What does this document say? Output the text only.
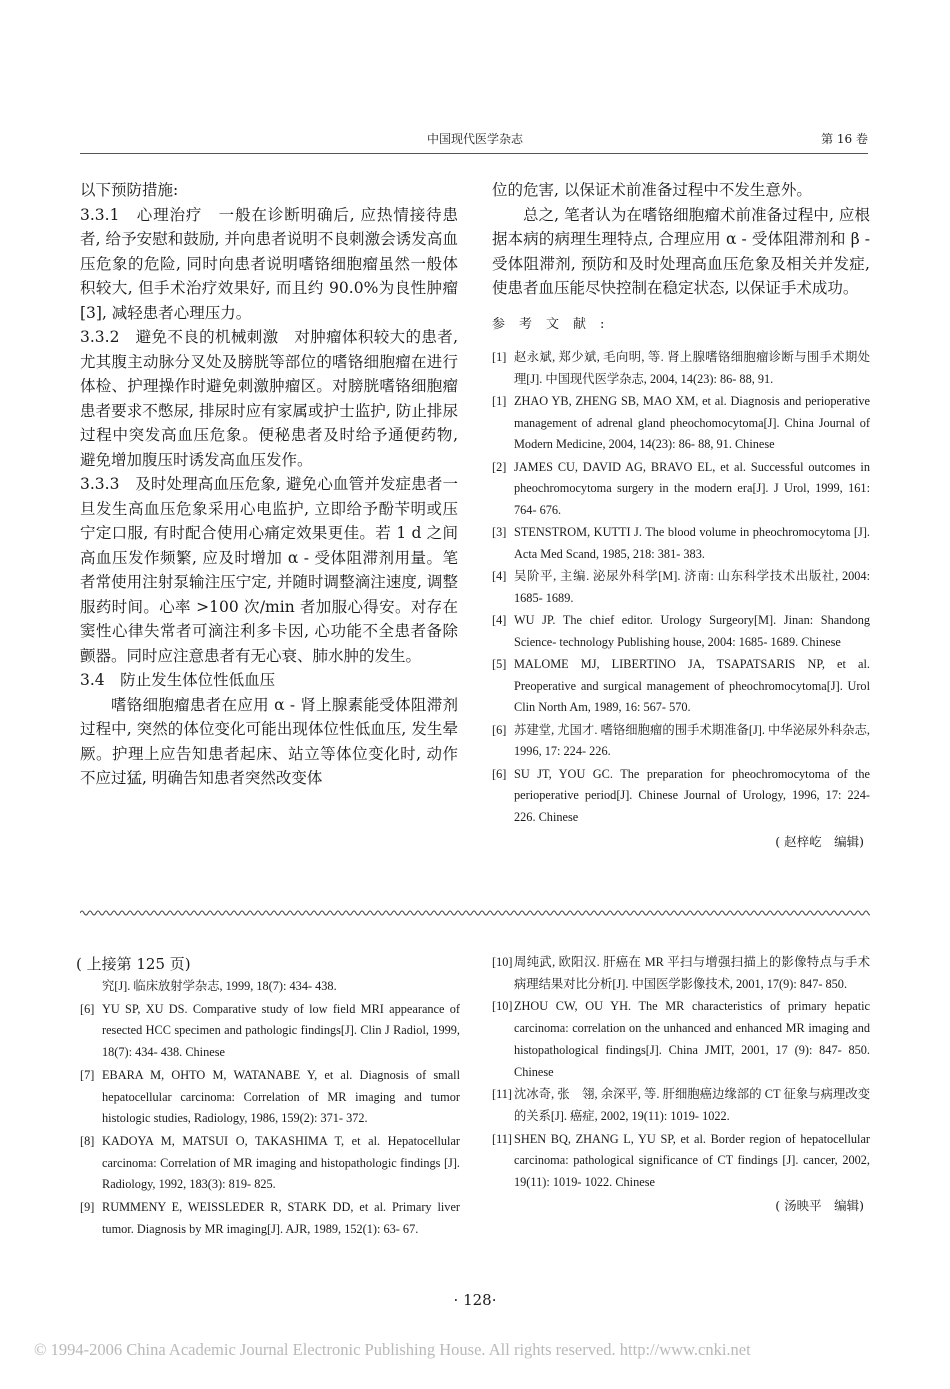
中国现代医学杂志	第 16 卷

以下预防措施:

3.3.1　心理治疗　一般在诊断明确后, 应热情接待患者, 给予安慰和鼓励, 并向患者说明不良刺激会诱发高血压危象的危险, 同时向患者说明嗜铬细胞瘤虽然一般体积较大, 但手术治疗效果好, 而且约 90.0%为良性肿瘤[3], 减轻患者心理压力。

3.3.2　避免不良的机械刺激　对肿瘤体积较大的患者, 尤其腹主动脉分叉处及膀胱等部位的嗜铬细胞瘤在进行体检、护理操作时避免刺激肿瘤区。对膀胱嗜铬细胞瘤患者要求不憋尿, 排尿时应有家属或护士监护, 防止排尿过程中突发高血压危象。便秘患者及时给予通便药物, 避免增加腹压时诱发高血压发作。

3.3.3　及时处理高血压危象, 避免心血管并发症患者一旦发生高血压危象采用心电监护, 立即给予酚苄明或压宁定口服, 有时配合使用心痛定效果更佳。若 1 d 之间高血压发作频繁, 应及时增加 α - 受体阻滞剂用量。笔者常使用注射泵输注压宁定, 并随时调整滴注速度, 调整服药时间。心率 >100 次/min 者加服心得安。对存在窦性心律失常者可滴注利多卡因, 心功能不全患者备除颤器。同时应注意患者有无心衰、肺水肿的发生。

3.4　防止发生体位性低血压

嗜铬细胞瘤患者在应用 α - 肾上腺素能受体阻滞剂过程中, 突然的体位变化可能出现体位性低血压, 发生晕厥。护理上应告知患者起床、站立等体位变化时, 动作不应过猛, 明确告知患者突然改变体

位的危害, 以保证术前准备过程中不发生意外。

总之, 笔者认为在嗜铬细胞瘤术前准备过程中, 应根据本病的病理生理特点, 合理应用 α - 受体阻滞剂和 β - 受体阻滞剂, 预防和及时处理高血压危象及相关并发症, 使患者血压能尽快控制在稳定状态, 以保证手术成功。

参考文献:
[1] 赵永斌, 郑少斌, 毛向明, 等. 肾上腺嗜铬细胞瘤诊断与围手术期处理[J]. 中国现代医学杂志, 2004, 14(23): 86- 88, 91.
[1] ZHAO YB, ZHENG SB, MAO XM, et al. Diagnosis and perioperative management of adrenal gland pheochomocytoma[J]. China Journal of Modern Medicine, 2004, 14(23): 86- 88, 91. Chinese
[2] JAMES CU, DAVID AG, BRAVO EL, et al. Successful outcomes in pheochromocytoma surgery in the modern era[J]. J Urol, 1999, 161: 764- 676.
[3] STENSTROM, KUTTI J. The blood volume in pheochromocytoma [J]. Acta Med Scand, 1985, 218: 381- 383.
[4] 吴阶平, 主编. 泌尿外科学[M]. 济南: 山东科学技术出版社, 2004: 1685- 1689.
[4] WU JP. The chief editor. Urology Surgeory[M]. Jinan: Shandong Science- technology Publishing house, 2004: 1685- 1689. Chinese
[5] MALOME MJ, LIBERTINO JA, TSAPATSARIS NP, et al. Preoperative and surgical management of pheochromocytoma[J]. Urol Clin North Am, 1989, 16: 567- 570.
[6] 苏建堂, 尤国才. 嗜铬细胞瘤的围手术期准备[J]. 中华泌尿外科杂志, 1996, 17: 224- 226.
[6] SU JT, YOU GC. The preparation for pheochromocytoma of the perioperative period[J]. Chinese Journal of Urology, 1996, 17: 224- 226. Chinese
( 赵梓屹　编辑)
( 上接第 125 页)
究[J]. 临床放射学杂志, 1999, 18(7): 434- 438.
[6] YU SP, XU DS. Comparative study of low field MRI appearance of resected HCC specimen and pathologic findings[J]. Clin J Radiol, 1999, 18(7): 434- 438. Chinese
[7] EBARA M, OHTO M, WATANABE Y, et al. Diagnosis of small hepatocellular carcinoma: Correlation of MR imaging and tumor histologic studies, Radiology, 1986, 159(2): 371- 372.
[8] KADOYA M, MATSUI O, TAKASHIMA T, et al. Hepatocellular carcinoma: Correlation of MR imaging and histopathologic findings [J]. Radiology, 1992, 183(3): 819- 825.
[9] RUMMENY E, WEISSLEDER R, STARK DD, et al. Primary liver tumor. Diagnosis by MR imaging[J]. AJR, 1989, 152(1): 63- 67.
[10] 周纯武, 欧阳汉. 肝癌在 MR 平扫与增强扫描上的影像特点与手术病理结果对比分析[J]. 中国医学影像技术, 2001, 17(9): 847- 850.
[10] ZHOU CW, OU YH. The MR characteristics of primary hepatic carcinoma: correlation on the unhanced and enhanced MR imaging and histopathological findings[J]. China JMIT, 2001, 17 (9): 847- 850. Chinese
[11] 沈冰奇, 张　翎, 余深平, 等. 肝细胞癌边缘部的 CT 征象与病理改变的关系[J]. 癌症, 2002, 19(11): 1019- 1022.
[11] SHEN BQ, ZHANG L, YU SP, et al. Border region of hepatocellular carcinoma: pathological significance of CT findings [J]. cancer, 2002, 19(11): 1019- 1022. Chinese
( 汤映平　编辑)
· 128·
© 1994-2006 China Academic Journal Electronic Publishing House. All rights reserved. http://www.cnki.net
